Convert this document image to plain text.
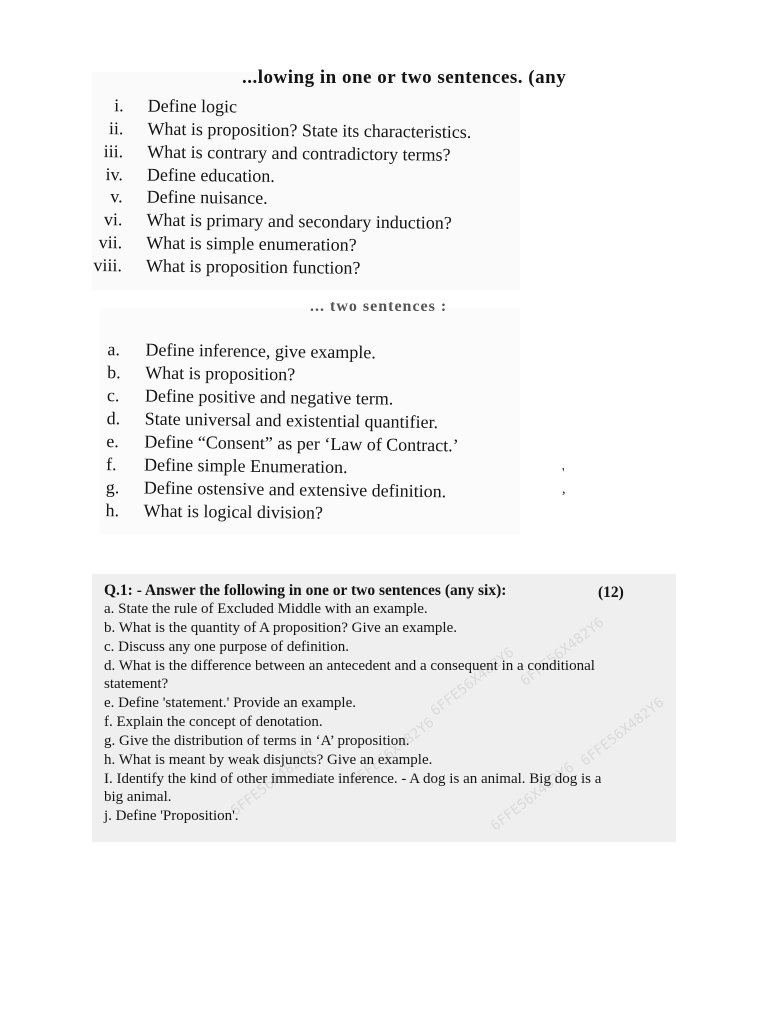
...lowing in one or two sentences. (any
i. Define logic
ii. What is proposition? State its characteristics.
iii. What is contrary and contradictory terms?
iv. Define education.
v. Define nuisance.
vi. What is primary and secondary induction?
vii. What is simple enumeration?
viii. What is proposition function?
... two sentences :
a.	Define inference, give example.
b.	What is proposition?
c.	Define positive and negative term.
d.	State universal and existential quantifier.
e.	Define “Consent” as per ‘Law of Contract.’
f.	Define simple Enumeration.
g.	Define ostensive and extensive definition.
h.	What is logical division?
' ,
6FFE56X482Y6 6FFE56X482Y6
6FFE56X482Y6
6FFE56X482Y6
6FFE56X482Y6	6FFE56X482Y6
Q.1: - Answer the following in one or two sentences (any six):	(12)
a. State the rule of Excluded Middle with an example.
b. What is the quantity of A proposition? Give an example.
c. Discuss any one purpose of definition.
d. What is the difference between an antecedent and a consequent in a conditional
statement?
e. Define 'statement.' Provide an example.
f. Explain the concept of denotation.
g. Give the distribution of terms in ‘A’ proposition.
h. What is meant by weak disjuncts? Give an example.
I. Identify the kind of other immediate inference. - A dog is an animal. Big dog is a
big animal.
j. Define 'Proposition'.
